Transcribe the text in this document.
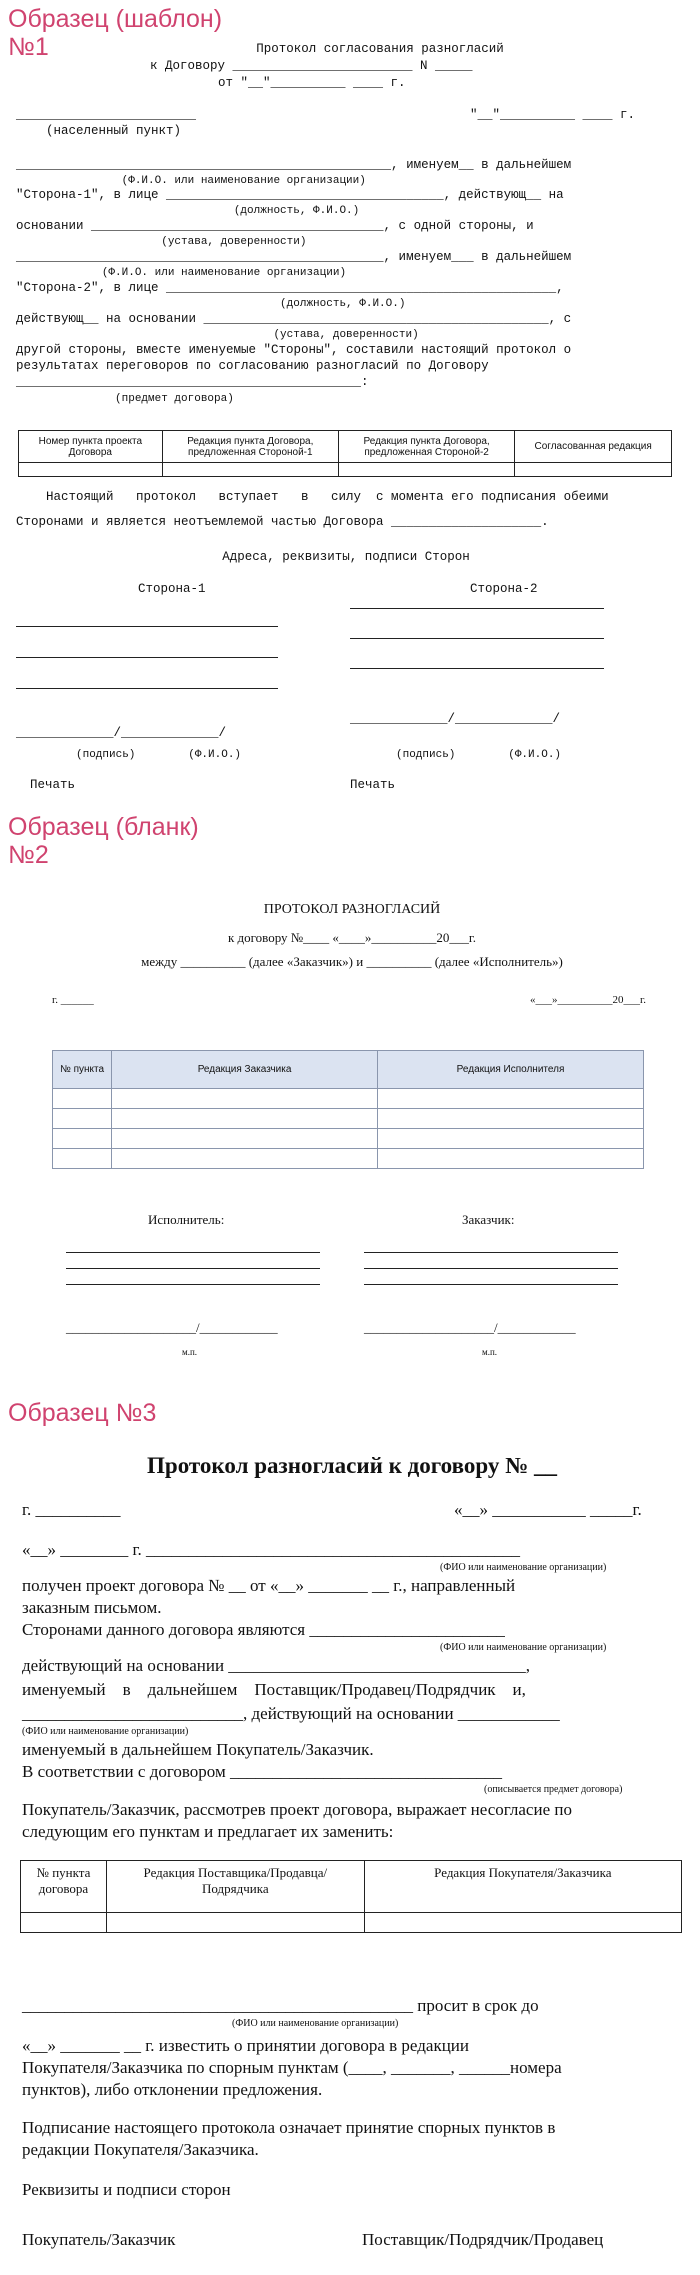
Образец (шаблон)
№1	Протокол согласования разногласий
к Договору ________________________ N _____
от "__"__________ ____ г.
________________________	"__"__________ ____ г.
(населенный пункт)
__________________________________________________, именуем__ в дальнейшем
(Ф.И.О. или наименование организации)
"Сторона-1", в лице _____________________________________, действующ__ на
(должность, Ф.И.О.)
основании _______________________________________, с одной стороны, и
(устава, доверенности)
_________________________________________________, именуем___ в дальнейшем
(Ф.И.О. или наименование организации)
"Сторона-2", в лице ____________________________________________________,
(должность, Ф.И.О.)
действующ__ на основании ______________________________________________, с
(устава, доверенности)
другой стороны, вместе именуемые "Стороны", составили настоящий протокол о
результатах переговоров по согласованию разногласий по Договору
______________________________________________:
(предмет договора)
Номер пункта проекта Договора	Редакция пункта Договора, предложенная Стороной-1	Редакция пункта Договора, предложенная Стороной-2	Согласованная редакция

Настоящий   протокол   вступает   в   силу  с момента его подписания обеими
Сторонами и является неотъемлемой частью Договора ____________________.
Адреса, реквизиты, подписи Сторон
Сторона-1	Сторона-2
_____________/_____________/
_____________/_____________/
(подпись)        (Ф.И.О.)	(подпись)        (Ф.И.О.)
Печать	Печать
Образец (бланк)
№2
ПРОТОКОЛ РАЗНОГЛАСИЙ
к договору №____ «____»__________20___г.
между __________ (далее «Заказчик») и __________ (далее «Исполнитель»)
г. ______	«___»__________20___г.
№ пункта	Редакция Заказчика	Редакция Исполнителя

Исполнитель:	Заказчик:
____________________/____________	____________________/____________
м.п.	м.п.
Образец №3
Протокол разногласий к договору № __
г. __________	«__» ___________ _____г.
«__» ________ г. ____________________________________________
(ФИО или наименование организации)
получен проект договора № __ от «__» _______ __ г., направленный
заказным письмом.
Сторонами данного договора являются _______________________
(ФИО или наименование организации)
действующий на основании ___________________________________,
именуемый    в    дальнейшем    Поставщик/Продавец/Подрядчик    и,
__________________________, действующий на основании ____________
(ФИО или наименование организации)
именуемый в дальнейшем Покупатель/Заказчик.
В соответствии с договором ________________________________
(описывается предмет договора)
Покупатель/Заказчик, рассмотрев проект договора, выражает несогласие по
следующим его пунктам и предлагает их заменить:
№ пункта договора	Редакция Поставщика/Продавца/Подрядчика	Редакция Покупателя/Заказчика

______________________________________________ просит в срок до
(ФИО или наименование организации)
«__» _______ __ г. известить о принятии договора в редакции
Покупателя/Заказчика по спорным пунктам (____, _______, ______номера
пунктов), либо отклонении предложения.
Подписание настоящего протокола означает принятие спорных пунктов в
редакции Покупателя/Заказчика.
Реквизиты и подписи сторон
Покупатель/Заказчик	Поставщик/Подрядчик/Продавец
